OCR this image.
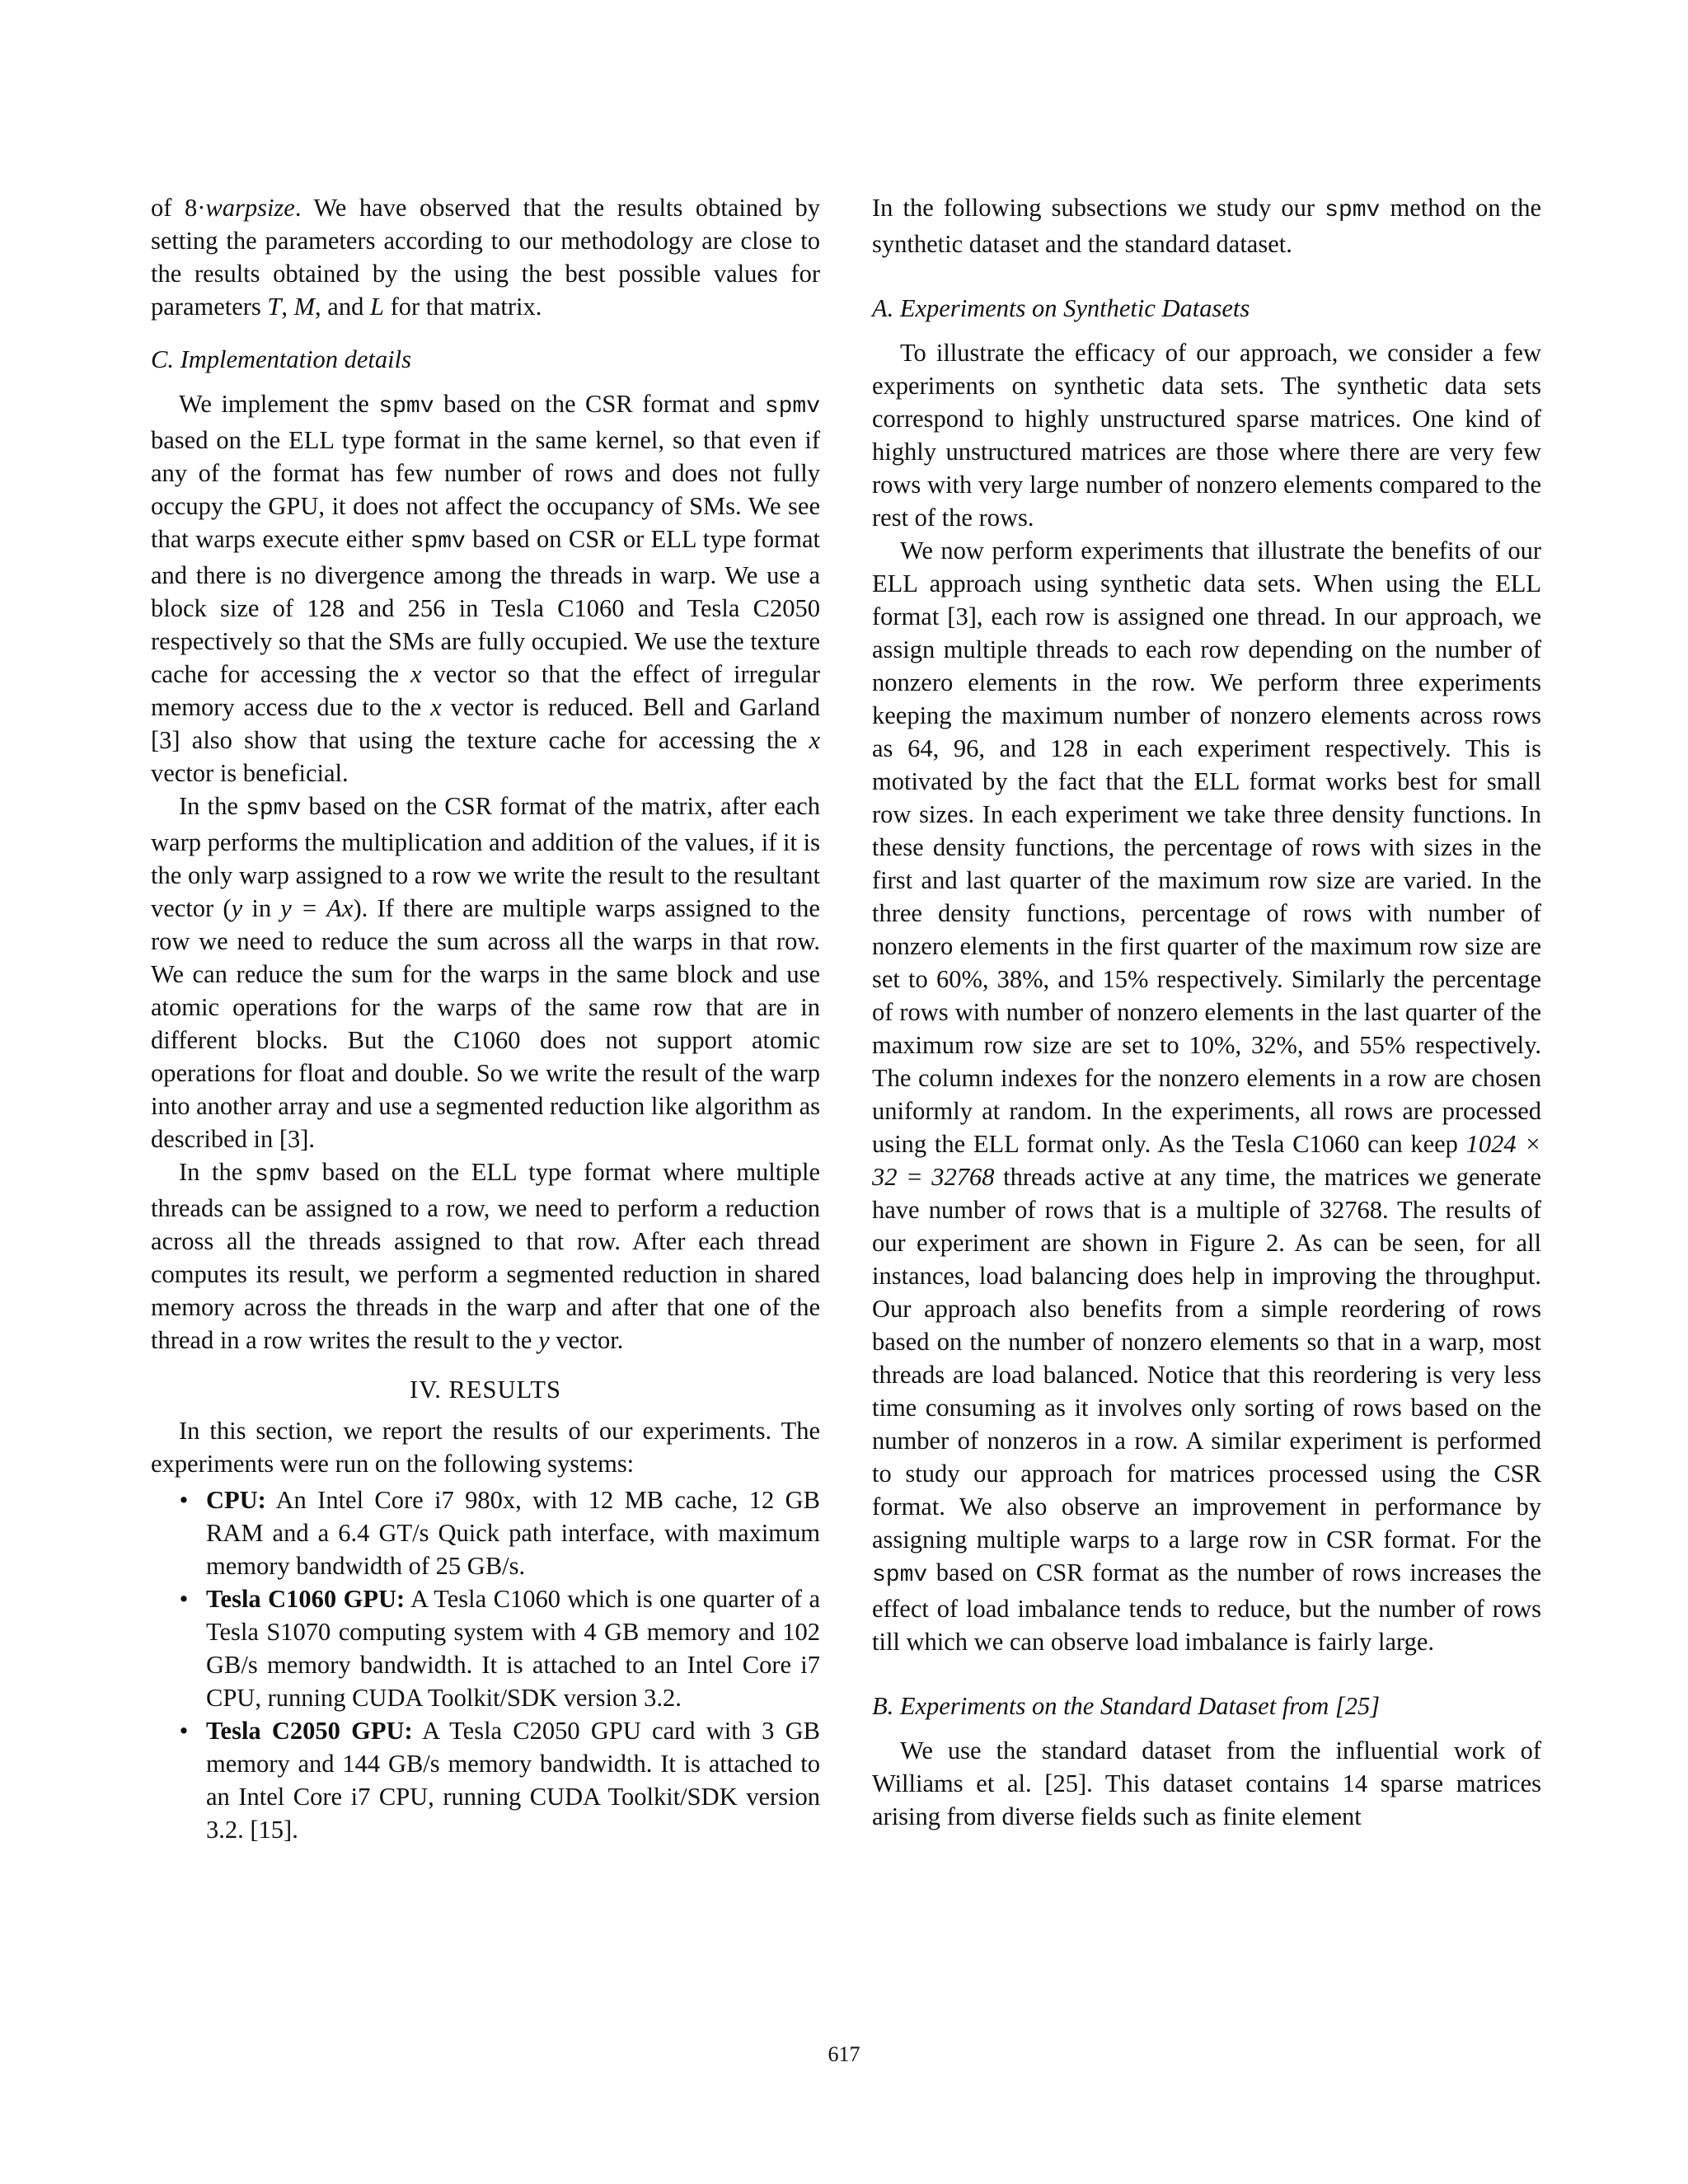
of 8·warpsize. We have observed that the results obtained by setting the parameters according to our methodology are close to the results obtained by the using the best possible values for parameters T, M, and L for that matrix.

C. Implementation details

We implement the spmv based on the CSR format and spmv based on the ELL type format in the same kernel, so that even if any of the format has few number of rows and does not fully occupy the GPU, it does not affect the occupancy of SMs. We see that warps execute either spmv based on CSR or ELL type format and there is no divergence among the threads in warp. We use a block size of 128 and 256 in Tesla C1060 and Tesla C2050 respectively so that the SMs are fully occupied. We use the texture cache for accessing the x vector so that the effect of irregular memory access due to the x vector is reduced. Bell and Garland [3] also show that using the texture cache for accessing the x vector is beneficial.

In the spmv based on the CSR format of the matrix, after each warp performs the multiplication and addition of the values, if it is the only warp assigned to a row we write the result to the resultant vector (y in y = Ax). If there are multiple warps assigned to the row we need to reduce the sum across all the warps in that row. We can reduce the sum for the warps in the same block and use atomic operations for the warps of the same row that are in different blocks. But the C1060 does not support atomic operations for float and double. So we write the result of the warp into another array and use a segmented reduction like algorithm as described in [3].

In the spmv based on the ELL type format where multiple threads can be assigned to a row, we need to perform a reduction across all the threads assigned to that row. After each thread computes its result, we perform a segmented reduction in shared memory across the threads in the warp and after that one of the thread in a row writes the result to the y vector.

IV. RESULTS

In this section, we report the results of our experiments. The experiments were run on the following systems:

• CPU: An Intel Core i7 980x, with 12 MB cache, 12 GB RAM and a 6.4 GT/s Quick path interface, with maximum memory bandwidth of 25 GB/s.
• Tesla C1060 GPU: A Tesla C1060 which is one quarter of a Tesla S1070 computing system with 4 GB memory and 102 GB/s memory bandwidth. It is attached to an Intel Core i7 CPU, running CUDA Toolkit/SDK version 3.2.
• Tesla C2050 GPU: A Tesla C2050 GPU card with 3 GB memory and 144 GB/s memory bandwidth. It is attached to an Intel Core i7 CPU, running CUDA Toolkit/SDK version 3.2. [15].

In the following subsections we study our spmv method on the synthetic dataset and the standard dataset.

A. Experiments on Synthetic Datasets

To illustrate the efficacy of our approach, we consider a few experiments on synthetic data sets. The synthetic data sets correspond to highly unstructured sparse matrices. One kind of highly unstructured matrices are those where there are very few rows with very large number of nonzero elements compared to the rest of the rows.

We now perform experiments that illustrate the benefits of our ELL approach using synthetic data sets. When using the ELL format [3], each row is assigned one thread. In our approach, we assign multiple threads to each row depending on the number of nonzero elements in the row. We perform three experiments keeping the maximum number of nonzero elements across rows as 64, 96, and 128 in each experiment respectively. This is motivated by the fact that the ELL format works best for small row sizes. In each experiment we take three density functions. In these density functions, the percentage of rows with sizes in the first and last quarter of the maximum row size are varied. In the three density functions, percentage of rows with number of nonzero elements in the first quarter of the maximum row size are set to 60%, 38%, and 15% respectively. Similarly the percentage of rows with number of nonzero elements in the last quarter of the maximum row size are set to 10%, 32%, and 55% respectively. The column indexes for the nonzero elements in a row are chosen uniformly at random. In the experiments, all rows are processed using the ELL format only. As the Tesla C1060 can keep 1024 × 32 = 32768 threads active at any time, the matrices we generate have number of rows that is a multiple of 32768. The results of our experiment are shown in Figure 2. As can be seen, for all instances, load balancing does help in improving the throughput. Our approach also benefits from a simple reordering of rows based on the number of nonzero elements so that in a warp, most threads are load balanced. Notice that this reordering is very less time consuming as it involves only sorting of rows based on the number of nonzeros in a row. A similar experiment is performed to study our approach for matrices processed using the CSR format. We also observe an improvement in performance by assigning multiple warps to a large row in CSR format. For the spmv based on CSR format as the number of rows increases the effect of load imbalance tends to reduce, but the number of rows till which we can observe load imbalance is fairly large.

B. Experiments on the Standard Dataset from [25]

We use the standard dataset from the influential work of Williams et al. [25]. This dataset contains 14 sparse matrices arising from diverse fields such as finite element

617
